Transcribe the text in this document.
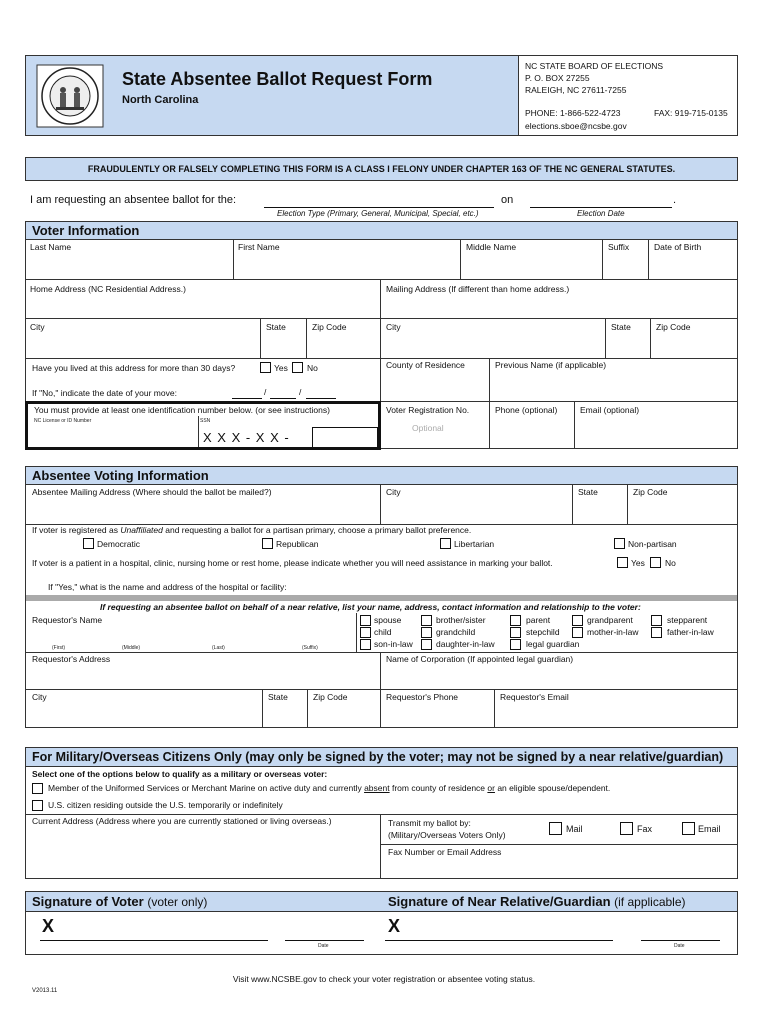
State Absentee Ballot Request Form
North Carolina
NC STATE BOARD OF ELECTIONS
P. O. BOX 27255
RALEIGH, NC 27611-7255
PHONE: 1-866-522-4723	FAX: 919-715-0135
elections.sboe@ncsbe.gov
FRAUDULENTLY OR FALSELY COMPLETING THIS FORM IS A CLASS I FELONY UNDER CHAPTER 163 OF THE NC GENERAL STATUTES.
I am requesting an absentee ballot for the:
Election Type (Primary, General, Municipal, Special, etc.)
on	.
Election Date
Voter Information
Last Name	First Name	Middle Name	Suffix	Date of Birth
Home Address (NC Residential Address.)	Mailing Address (If different than home address.)
City	State	Zip Code	City	State	Zip Code
Have you lived at this address for more than 30 days?	Yes No
If "No," indicate the date of your move:	/	/
County of Residence	Previous Name (if applicable)
You must provide at least one identification number below. (or see instructions)
NC License or ID Number	SSN
X X X - X X -
Voter Registration No.
Optional
Phone (optional)	Email (optional)
Absentee Voting Information
Absentee Mailing Address (Where should the ballot be mailed?)	City	State	Zip Code
If voter is registered as Unaffiliated and requesting a ballot for a partisan primary, choose a primary ballot preference.
Democratic	Republican	Libertarian	Non-partisan
If voter is a patient in a hospital, clinic, nursing home or rest home, please indicate whether you will need assistance in marking your ballot.	Yes No
If "Yes," what is the name and address of the hospital or facility:
If requesting an absentee ballot on behalf of a near relative, list your name, address, contact information and relationship to the voter:
Requestor's Name
(First)	(Middle)	(Last)	(Suffix)
spouse	brother/sister	parent	grandparent	stepparent
child	grandchild	stepchild	mother-in-law	father-in-law
son-in-law	daughter-in-law	legal guardian
Requestor's Address	Name of Corporation (If appointed legal guardian)
City	State	Zip Code	Requestor's Phone	Requestor's Email
For Military/Overseas Citizens Only (may only be signed by the voter; may not be signed by a near relative/guardian)
Select one of the options below to qualify as a military or overseas voter:
Member of the Uniformed Services or Merchant Marine on active duty and currently absent from county of residence or an eligible spouse/dependent.
U.S. citizen residing outside the U.S. temporarily or indefinitely
Current Address (Address where you are currently stationed or living overseas.)	Transmit my ballot by:
(Military/Overseas Voters Only)
Mail	Fax	Email
Fax Number or Email Address
Signature of Voter (voter only)	Signature of Near Relative/Guardian (if applicable)
X
Date
X
Date
Visit www.NCSBE.gov to check your voter registration or absentee voting status.
V2013.11
